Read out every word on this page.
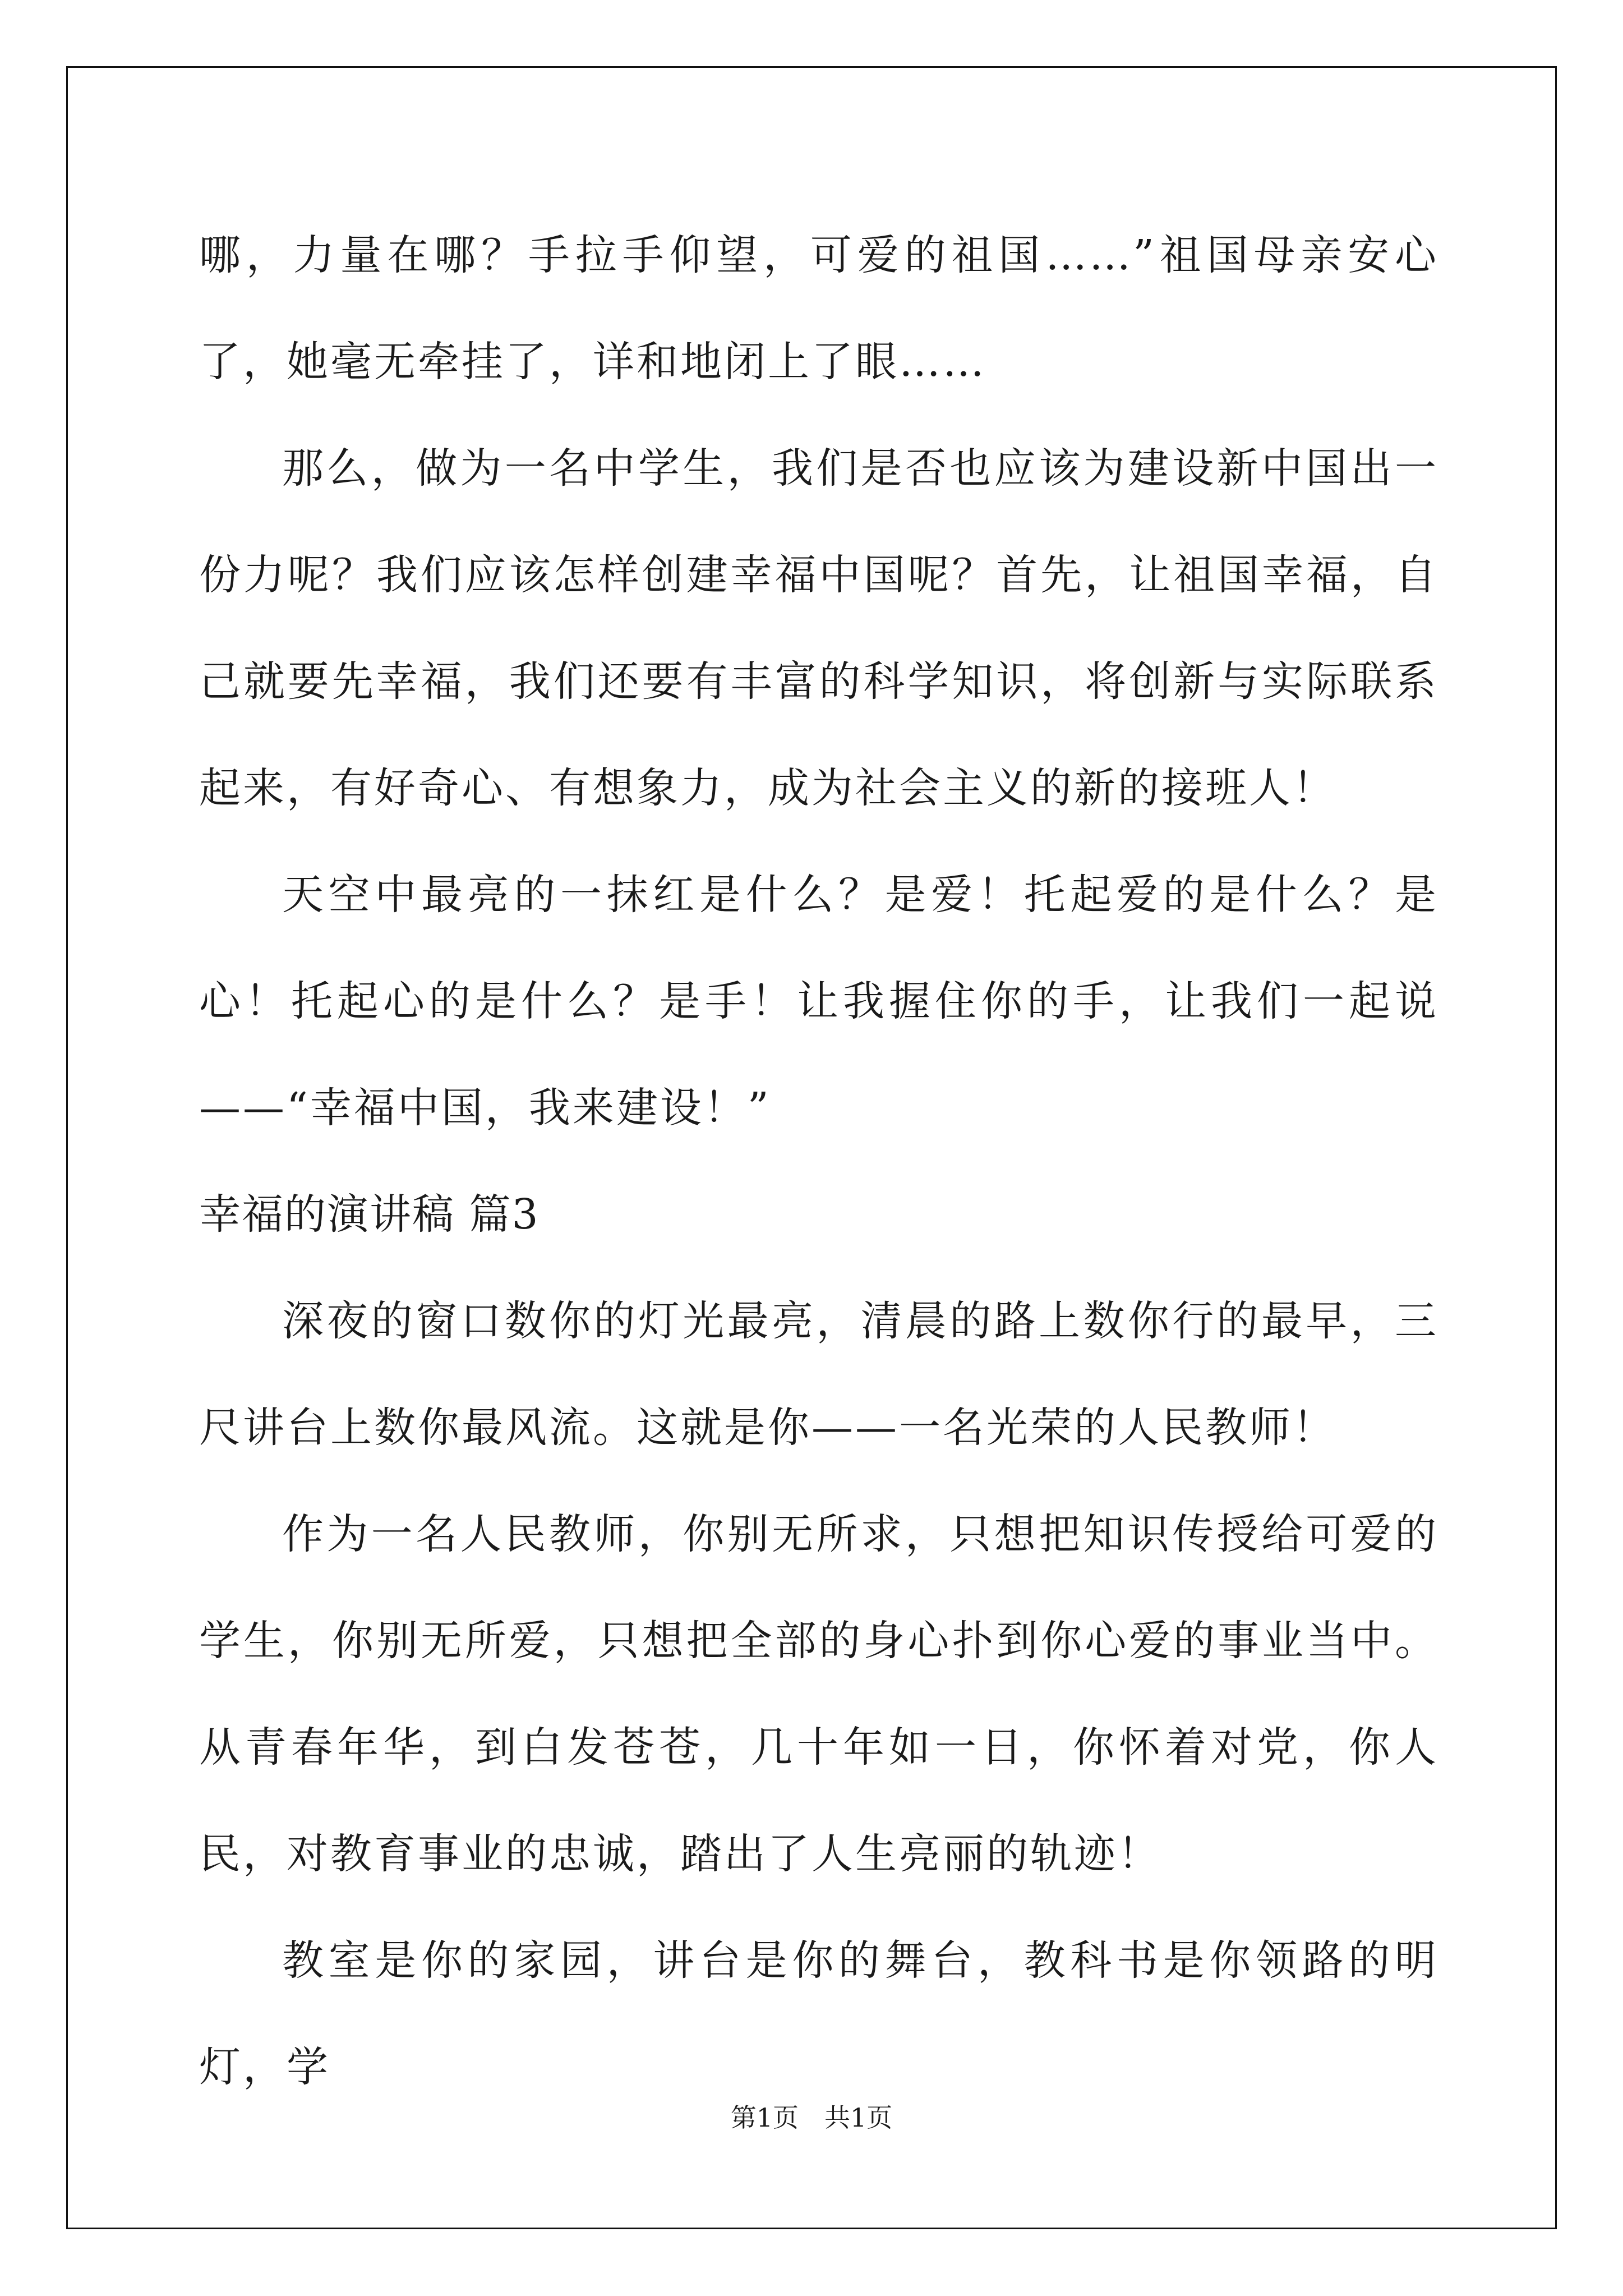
哪，力量在哪？手拉手仰望，可爱的祖国……”祖国母亲安心了，她毫无牵挂了，详和地闭上了眼……

那么，做为一名中学生，我们是否也应该为建设新中国出一份力呢？我们应该怎样创建幸福中国呢？首先，让祖国幸福，自己就要先幸福，我们还要有丰富的科学知识，将创新与实际联系起来，有好奇心、有想象力，成为社会主义的新的接班人！

天空中最亮的一抹红是什么？是爱！托起爱的是什么？是心！托起心的是什么？是手！让我握住你的手，让我们一起说——“幸福中国，我来建设！”

幸福的演讲稿 篇3

深夜的窗口数你的灯光最亮，清晨的路上数你行的最早，三尺讲台上数你最风流。这就是你——一名光荣的人民教师！

作为一名人民教师，你别无所求，只想把知识传授给可爱的学生，你别无所爱，只想把全部的身心扑到你心爱的事业当中。从青春年华，到白发苍苍，几十年如一日，你怀着对党，你人民，对教育事业的忠诚，踏出了人生亮丽的轨迹！

教室是你的家园，讲台是你的舞台，教科书是你领路的明灯，学

第1页　共1页
